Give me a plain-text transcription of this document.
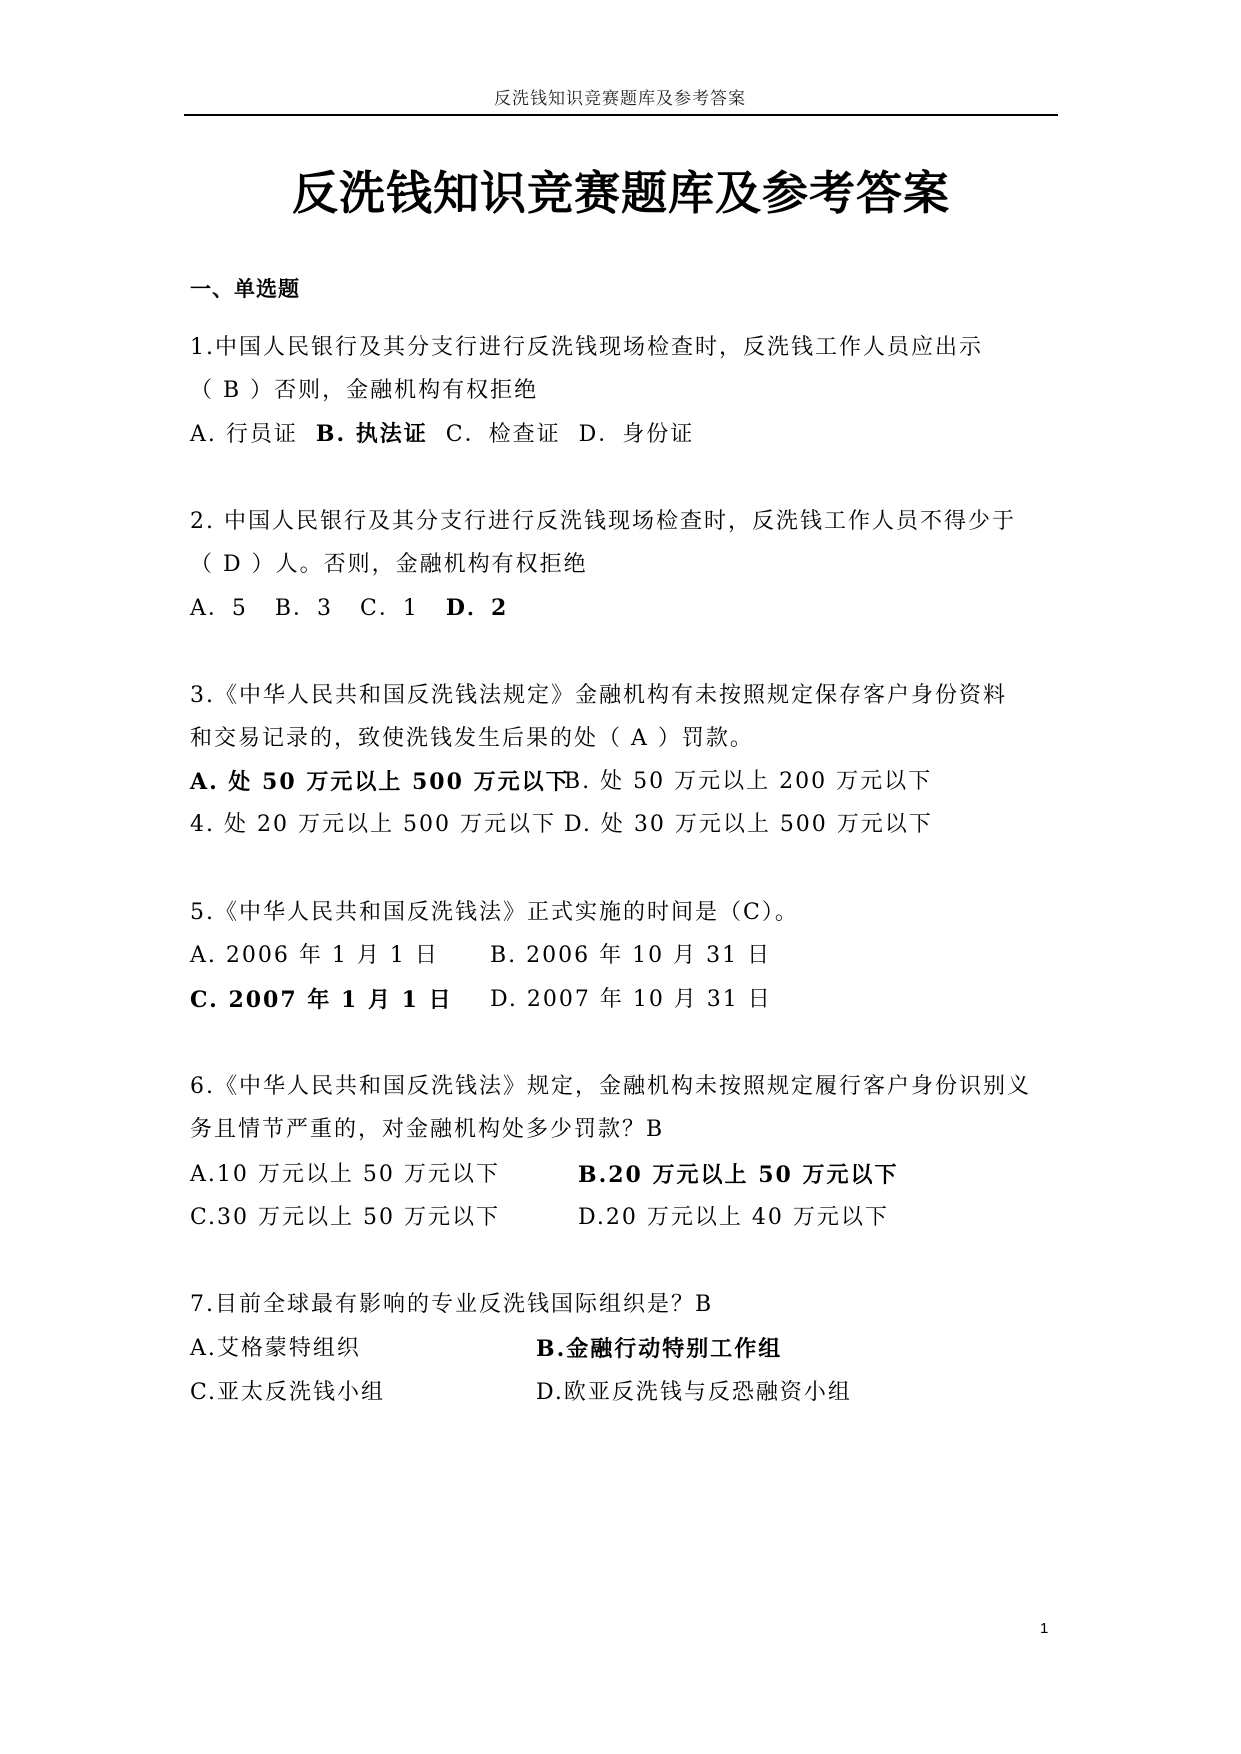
反洗钱知识竞赛题库及参考答案
反洗钱知识竞赛题库及参考答案
一、单选题
1.中国人民银行及其分支行进行反洗钱现场检查时，反洗钱工作人员应出示
（ B ）否则，金融机构有权拒绝
A. 行员证 B. 执法证 C．检查证 D．身份证
2. 中国人民银行及其分支行进行反洗钱现场检查时，反洗钱工作人员不得少于
（ D ）人。否则，金融机构有权拒绝
A．5 B．3 C．1 D．2
3.《中华人民共和国反洗钱法规定》金融机构有未按照规定保存客户身份资料
和交易记录的，致使洗钱发生后果的处（ A ）罚款。
A. 处 50 万元以上 500 万元以下
B. 处 50 万元以上 200 万元以下
4. 处 20 万元以上 500 万元以下 D. 处 30 万元以上 500 万元以下
5.《中华人民共和国反洗钱法》正式实施的时间是（C）。
A. 2006 年 1 月 1 日 B. 2006 年 10 月 31 日
C. 2007 年 1 月 1 日 D. 2007 年 10 月 31 日
6.《中华人民共和国反洗钱法》规定，金融机构未按照规定履行客户身份识别义
务且情节严重的，对金融机构处多少罚款？B
A.10 万元以上 50 万元以下	B.20 万元以上 50 万元以下
C.30 万元以上 50 万元以下	D.20 万元以上 40 万元以下
7.目前全球最有影响的专业反洗钱国际组织是？B
A.艾格蒙特组织	B.金融行动特别工作组
C.亚太反洗钱小组	D.欧亚反洗钱与反恐融资小组
1
